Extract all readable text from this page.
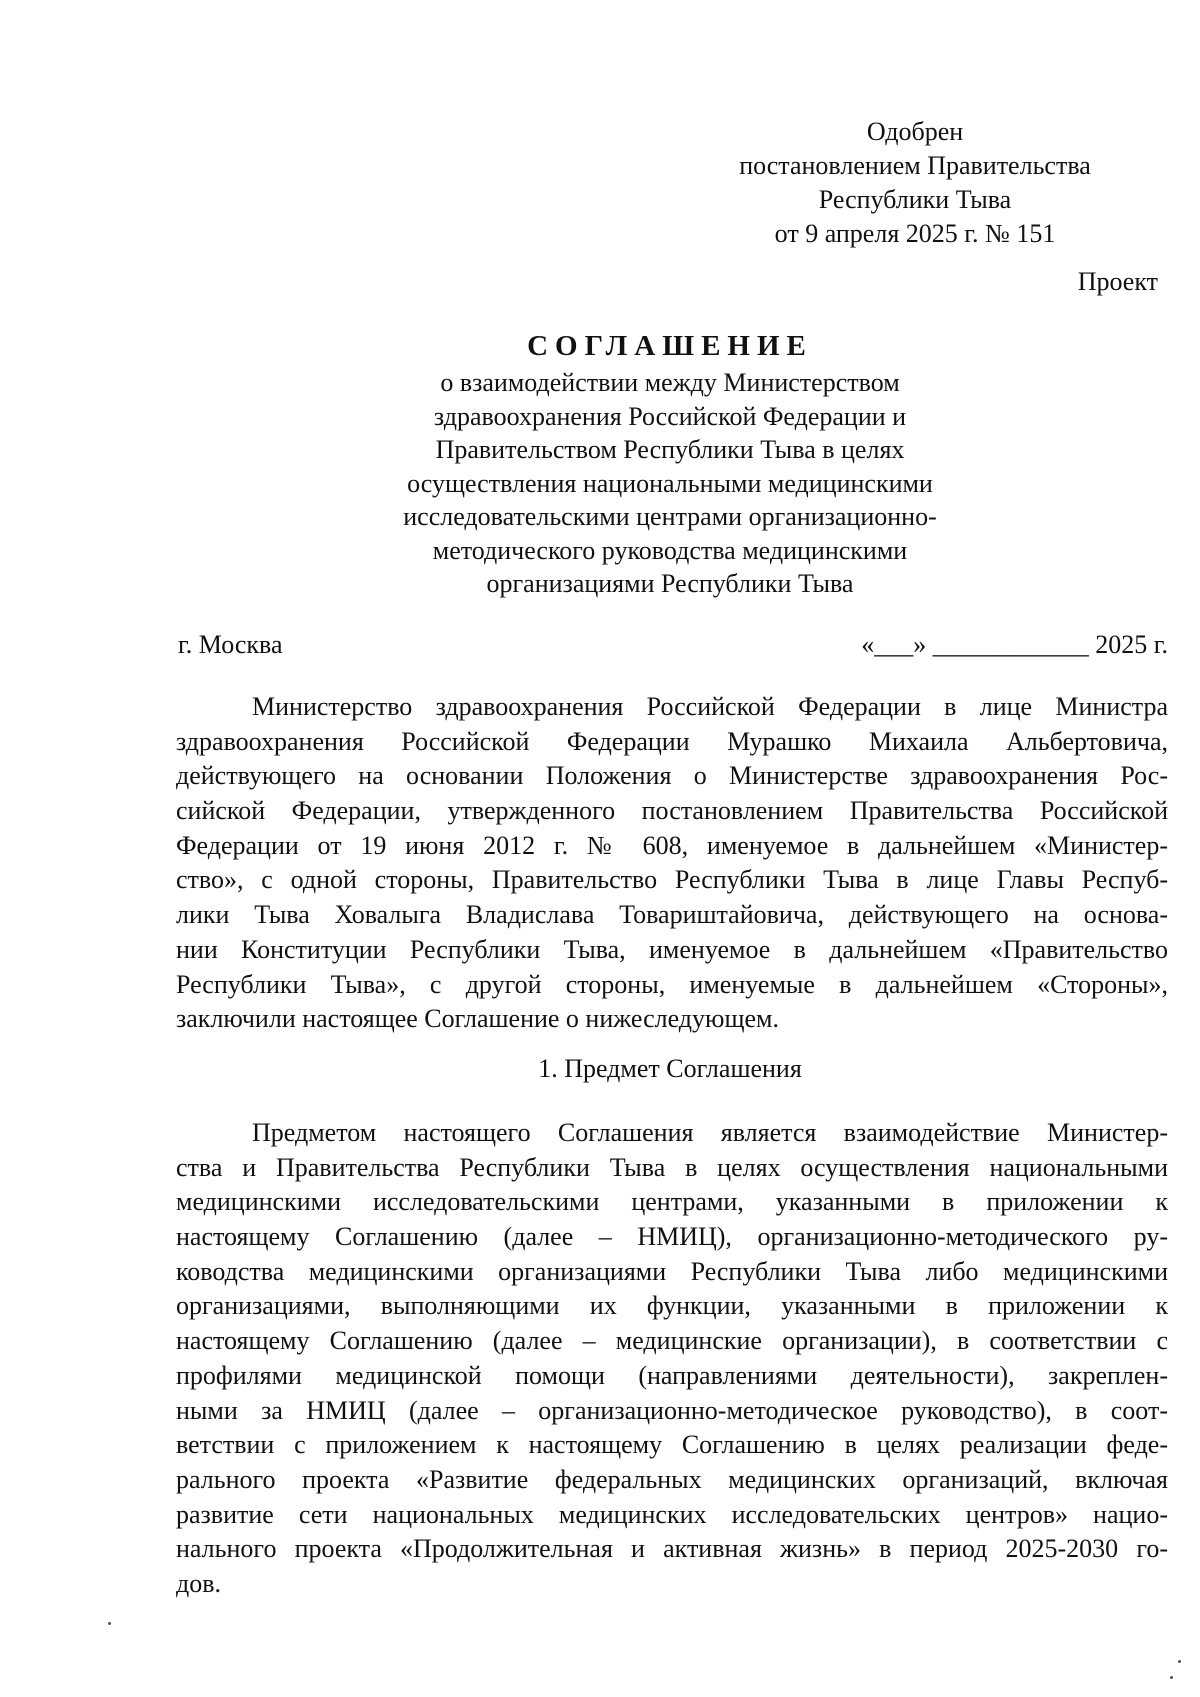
Одобрен
постановлением Правительства
Республики Тыва
от 9 апреля 2025 г. № 151
Проект
СОГЛАШЕНИЕ
о взаимодействии между Министерством
здравоохранения Российской Федерации и
Правительством Республики Тыва в целях
осуществления национальными медицинскими
исследовательскими центрами организационно-
методического руководства медицинскими
организациями Республики Тыва
г. Москва	«___» ____________ 2025 г.
Министерство здравоохранения Российской Федерации в лице Министра
здравоохранения Российской Федерации Мурашко Михаила Альбертовича,
действующего на основании Положения о Министерстве здравоохранения Рос-
сийской Федерации, утвержденного постановлением Правительства Российской
Федерации от 19 июня 2012 г. № 608, именуемое в дальнейшем «Министер-
ство», с одной стороны, Правительство Республики Тыва в лице Главы Респуб-
лики Тыва Ховалыга Владислава Товариштайовича, действующего на основа-
нии Конституции Республики Тыва, именуемое в дальнейшем «Правительство
Республики Тыва», с другой стороны, именуемые в дальнейшем «Стороны»,
заключили настоящее Соглашение о нижеследующем.
1. Предмет Соглашения
Предметом настоящего Соглашения является взаимодействие Министер-
ства и Правительства Республики Тыва в целях осуществления национальными
медицинскими исследовательскими центрами, указанными в приложении к
настоящему Соглашению (далее – НМИЦ), организационно-методического ру-
ководства медицинскими организациями Республики Тыва либо медицинскими
организациями, выполняющими их функции, указанными в приложении к
настоящему Соглашению (далее – медицинские организации), в соответствии с
профилями медицинской помощи (направлениями деятельности), закреплен-
ными за НМИЦ (далее – организационно-методическое руководство), в соот-
ветствии с приложением к настоящему Соглашению в целях реализации феде-
рального проекта «Развитие федеральных медицинских организаций, включая
развитие сети национальных медицинских исследовательских центров» нацио-
нального проекта «Продолжительная и активная жизнь» в период 2025-2030 го-
дов.
